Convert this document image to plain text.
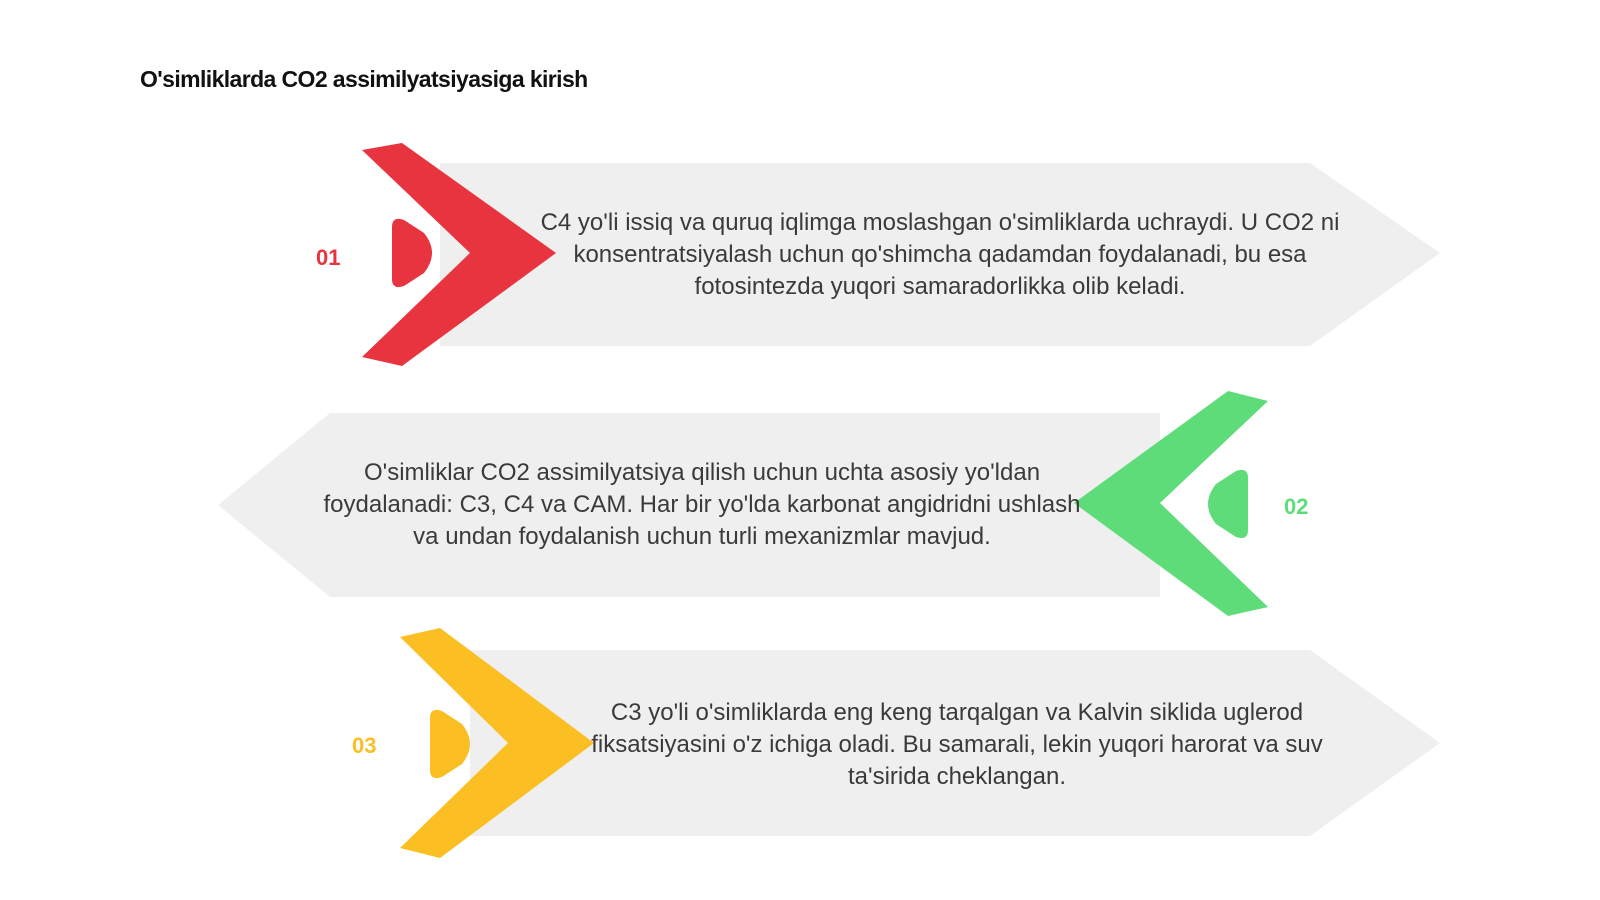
O'simliklarda CO2 assimilyatsiyasiga kirish
01
02
03

C4 yo'li issiq va quruq iqlimga moslashgan o'simliklarda uchraydi. U CO2 ni konsentratsiyalash uchun qo'shimcha qadamdan foydalanadi, bu esa fotosintezda yuqori samaradorlikka olib keladi.

O'simliklar CO2 assimilyatsiya qilish uchun uchta asosiy yo'ldan foydalanadi: C3, C4 va CAM. Har bir yo'lda karbonat angidridni ushlash va undan foydalanish uchun turli mexanizmlar mavjud.

C3 yo'li o'simliklarda eng keng tarqalgan va Kalvin siklida uglerod fiksatsiyasini o'z ichiga oladi. Bu samarali, lekin yuqori harorat va suv ta'sirida cheklangan.
